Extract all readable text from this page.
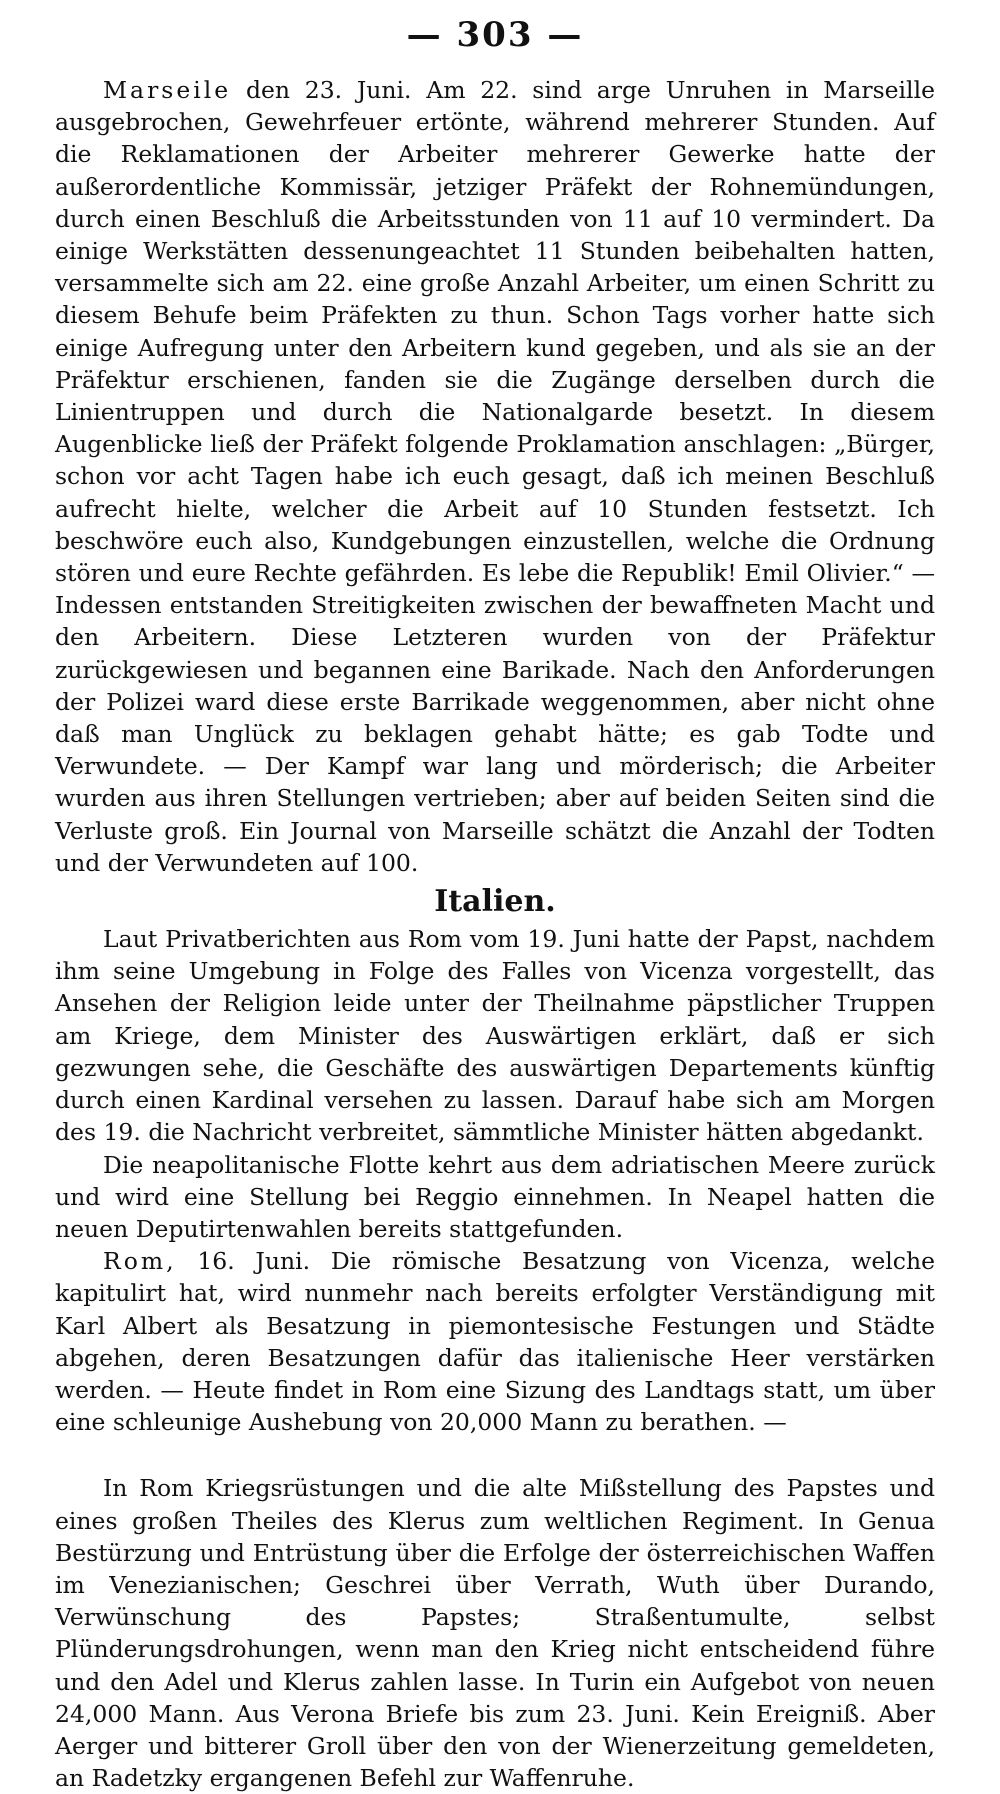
— 303 —

Marseile den 23. Juni. Am 22. sind arge Unruhen in Marseille ausgebrochen, Gewehrfeuer ertönte, während mehrerer Stunden. Auf die Reklamationen der Arbeiter mehrerer Gewerke hatte der außerordentliche Kommissär, jetziger Präfekt der Rohnemündungen, durch einen Beschluß die Arbeitsstunden von 11 auf 10 vermindert. Da einige Werkstätten dessenungeachtet 11 Stunden beibehalten hatten, versammelte sich am 22. eine große Anzahl Arbeiter, um einen Schritt zu diesem Behufe beim Präfekten zu thun. Schon Tags vorher hatte sich einige Aufregung unter den Arbeitern kund gegeben, und als sie an der Präfektur erschienen, fanden sie die Zugänge derselben durch die Linientruppen und durch die Nationalgarde besetzt. In diesem Augenblicke ließ der Präfekt folgende Proklamation anschlagen: „Bürger, schon vor acht Tagen habe ich euch gesagt, daß ich meinen Beschluß aufrecht hielte, welcher die Arbeit auf 10 Stunden festsetzt. Ich beschwöre euch also, Kundgebungen einzustellen, welche die Ordnung stören und eure Rechte gefährden. Es lebe die Republik! Emil Olivier.“ — Indessen entstanden Streitigkeiten zwischen der bewaffneten Macht und den Arbeitern. Diese Letzteren wurden von der Präfektur zurückgewiesen und begannen eine Barikade. Nach den Anforderungen der Polizei ward diese erste Barrikade weggenommen, aber nicht ohne daß man Unglück zu beklagen gehabt hätte; es gab Todte und Verwundete. — Der Kampf war lang und mörderisch; die Arbeiter wurden aus ihren Stellungen vertrieben; aber auf beiden Seiten sind die Verluste groß. Ein Journal von Marseille schätzt die Anzahl der Todten und der Verwundeten auf 100.

Italien.

Laut Privatberichten aus Rom vom 19. Juni hatte der Papst, nachdem ihm seine Umgebung in Folge des Falles von Vicenza vorgestellt, das Ansehen der Religion leide unter der Theilnahme päpstlicher Truppen am Kriege, dem Minister des Auswärtigen erklärt, daß er sich gezwungen sehe, die Geschäfte des auswärtigen Departements künftig durch einen Kardinal versehen zu lassen. Darauf habe sich am Morgen des 19. die Nachricht verbreitet, sämmtliche Minister hätten abgedankt.

Die neapolitanische Flotte kehrt aus dem adriatischen Meere zurück und wird eine Stellung bei Reggio einnehmen. In Neapel hatten die neuen Deputirtenwahlen bereits stattgefunden.

Rom, 16. Juni. Die römische Besatzung von Vicenza, welche kapitulirt hat, wird nunmehr nach bereits erfolgter Verständigung mit Karl Albert als Besatzung in piemontesische Festungen und Städte abgehen, deren Besatzungen dafür das italienische Heer verstärken werden. — Heute findet in Rom eine Sizung des Landtags statt, um über eine schleunige Aushebung von 20,000 Mann zu berathen. —

In Rom Kriegsrüstungen und die alte Mißstellung des Papstes und eines großen Theiles des Klerus zum weltlichen Regiment. In Genua Bestürzung und Entrüstung über die Erfolge der österreichischen Waffen im Venezianischen; Geschrei über Verrath, Wuth über Durando, Verwünschung des Papstes; Straßentumulte, selbst Plünderungsdrohungen, wenn man den Krieg nicht entscheidend führe und den Adel und Klerus zahlen lasse. In Turin ein Aufgebot von neuen 24,000 Mann. Aus Verona Briefe bis zum 23. Juni. Kein Ereigniß. Aber Aerger und bitterer Groll über den von der Wienerzeitung gemeldeten, an Radetzky ergangenen Befehl zur Waffenruhe.
